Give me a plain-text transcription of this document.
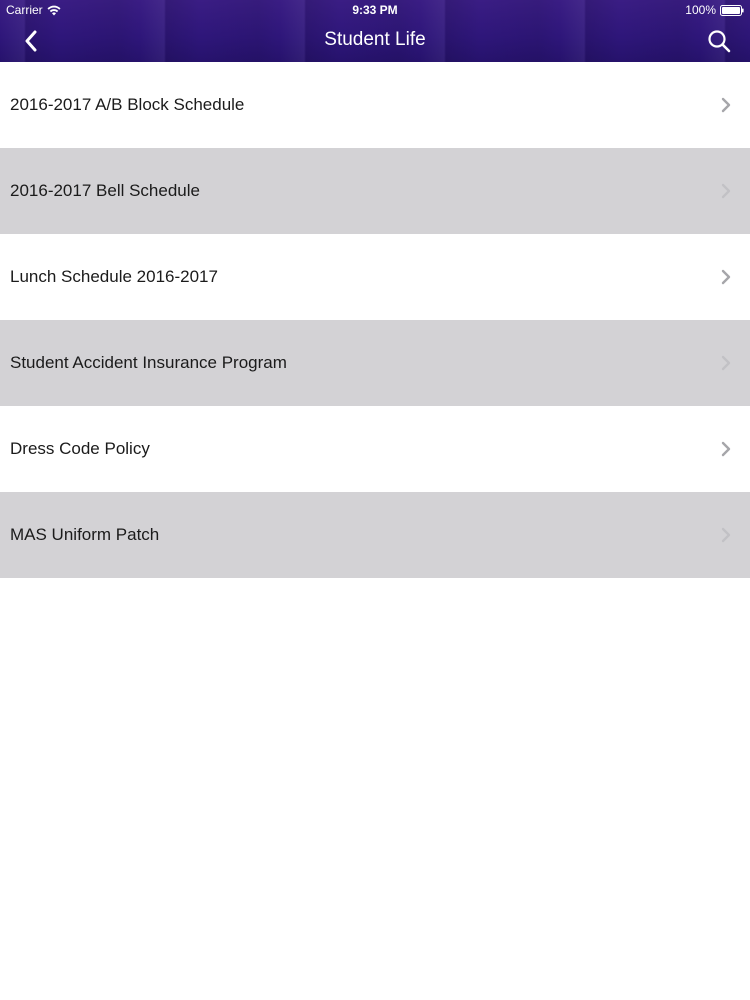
Carrier	9:33 PM	100%
Student Life
2016-2017 A/B Block Schedule
2016-2017 Bell Schedule
Lunch Schedule 2016-2017
Student Accident Insurance Program
Dress Code Policy
MAS Uniform Patch
